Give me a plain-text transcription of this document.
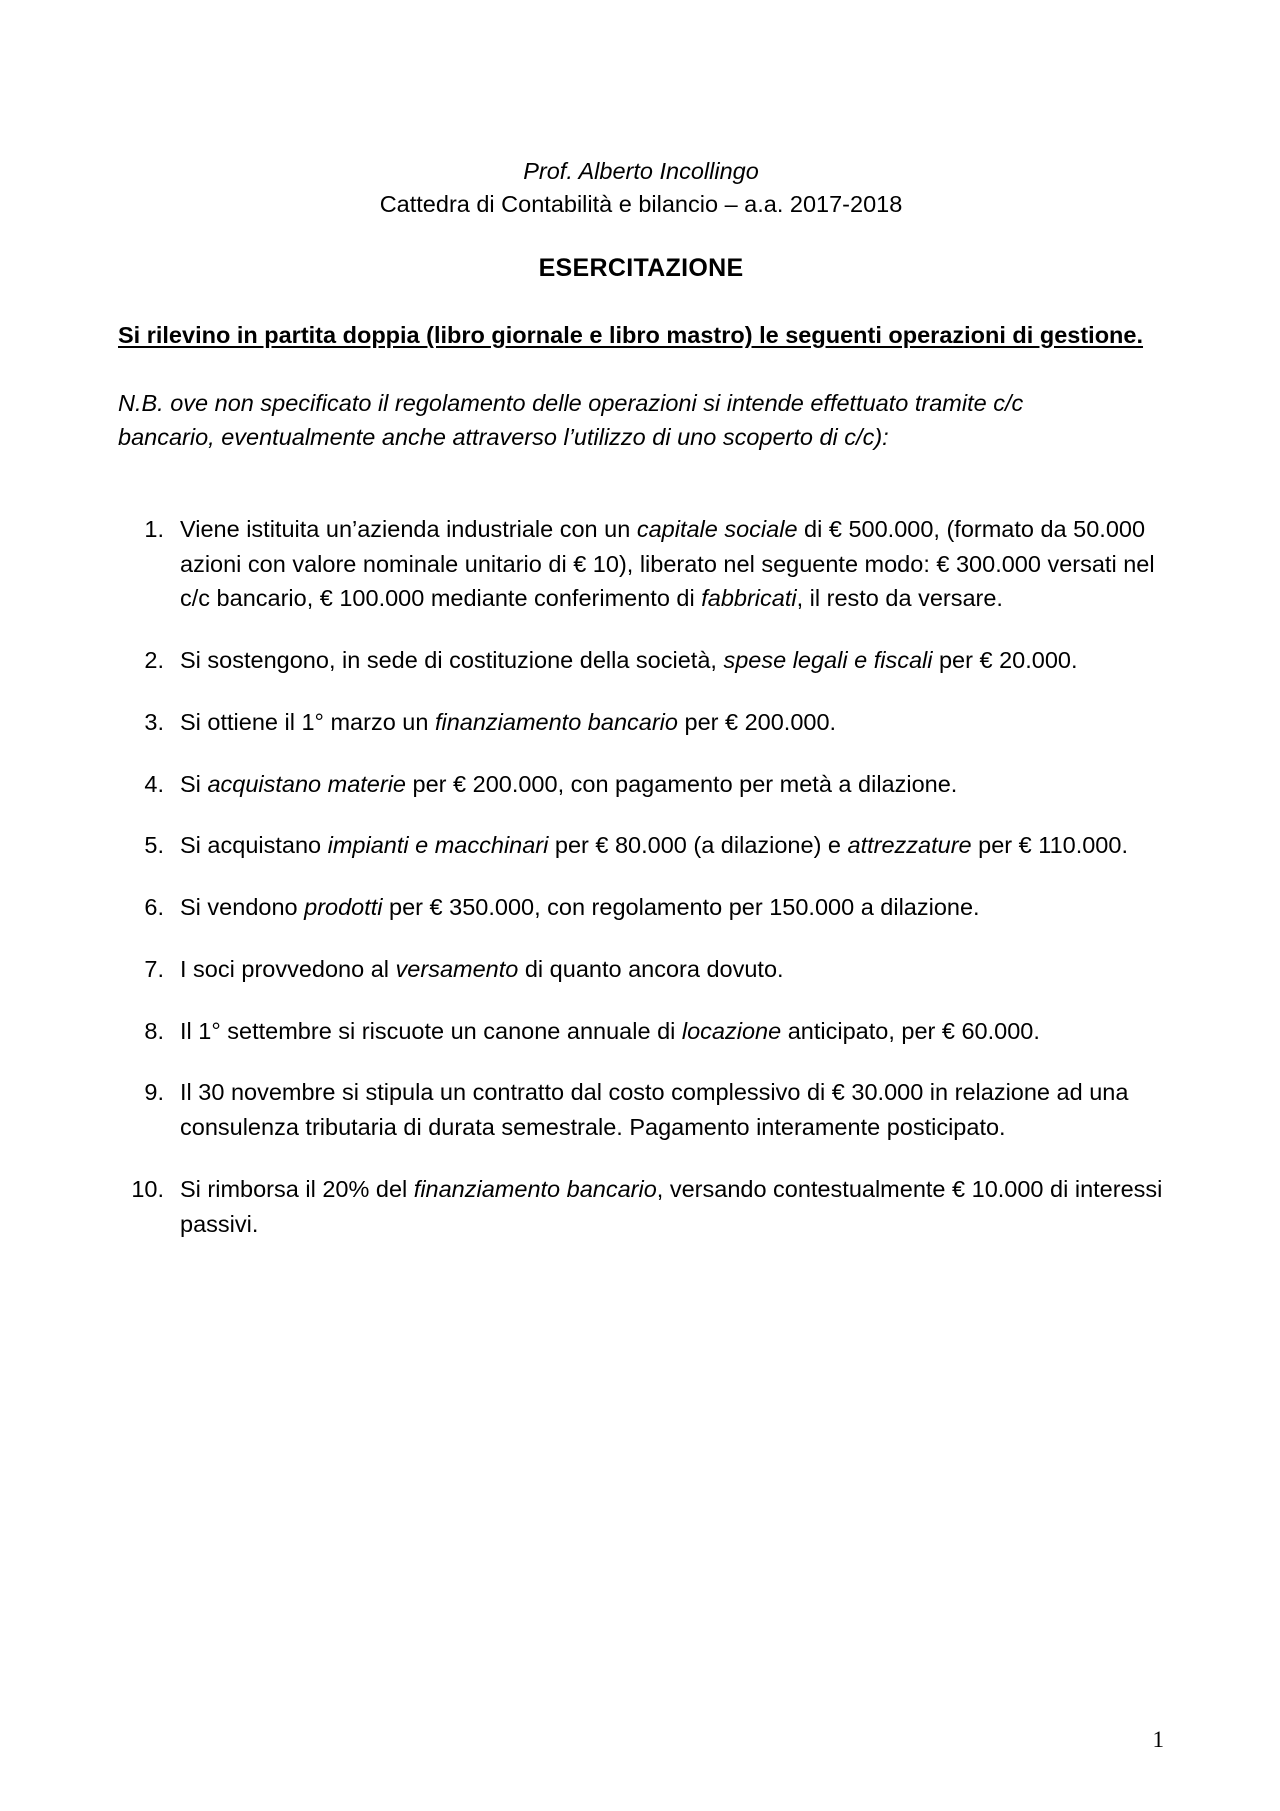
Prof. Alberto Incollingo
Cattedra di Contabilità e bilancio – a.a. 2017-2018
ESERCITAZIONE
Si rilevino in partita doppia (libro giornale e libro mastro) le seguenti operazioni di gestione.
N.B. ove non specificato il regolamento delle operazioni si intende effettuato tramite c/c bancario, eventualmente anche attraverso l’utilizzo di uno scoperto di c/c):
1. Viene istituita un’azienda industriale con un capitale sociale di € 500.000, (formato da 50.000 azioni con valore nominale unitario di € 10), liberato nel seguente modo: € 300.000 versati nel c/c bancario, € 100.000 mediante conferimento di fabbricati, il resto da versare.
2. Si sostengono, in sede di costituzione della società, spese legali e fiscali per € 20.000.
3. Si ottiene il 1° marzo un finanziamento bancario per € 200.000.
4. Si acquistano materie per € 200.000, con pagamento per metà a dilazione.
5. Si acquistano impianti e macchinari per € 80.000 (a dilazione) e attrezzature per € 110.000.
6. Si vendono prodotti per € 350.000, con regolamento per 150.000 a dilazione.
7. I soci provvedono al versamento di quanto ancora dovuto.
8. Il 1° settembre si riscuote un canone annuale di locazione anticipato, per € 60.000.
9. Il 30 novembre si stipula un contratto dal costo complessivo di € 30.000 in relazione ad una consulenza tributaria di durata semestrale. Pagamento interamente posticipato.
10. Si rimborsa il 20% del finanziamento bancario, versando contestualmente € 10.000 di interessi passivi.
1
